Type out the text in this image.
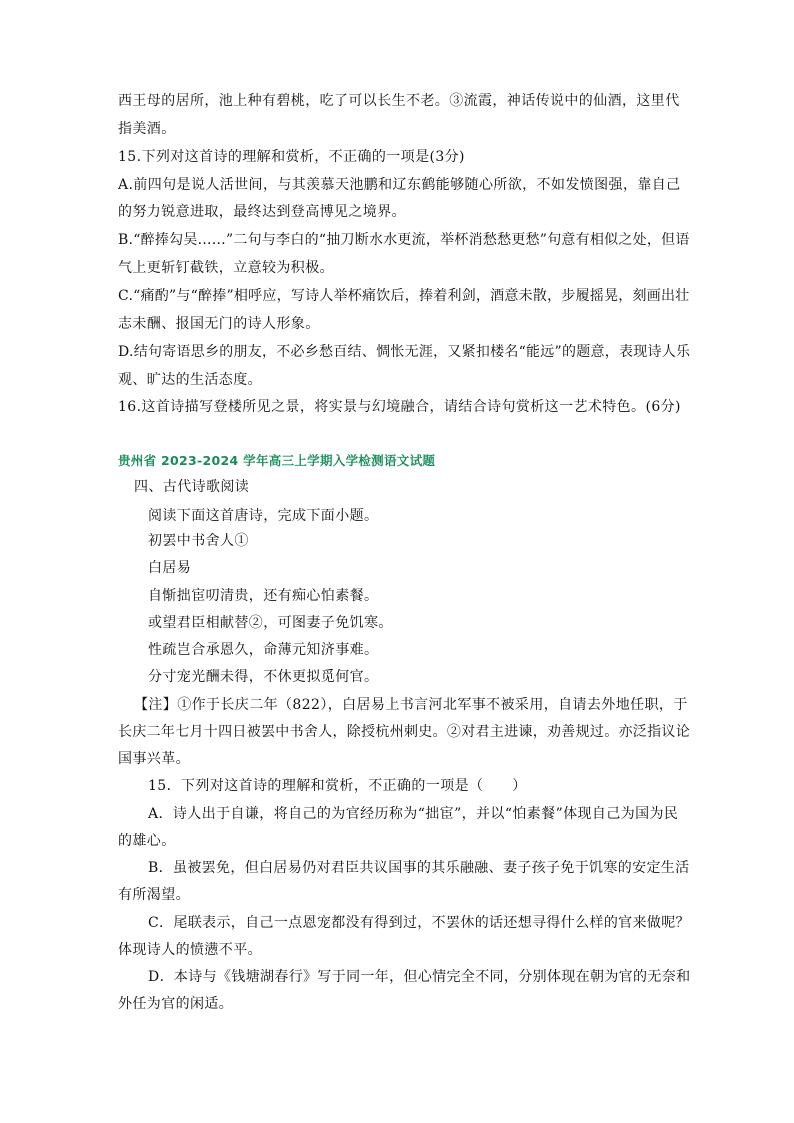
西王母的居所，池上种有碧桃，吃了可以长生不老。③流霞，神话传说中的仙酒，这里代
指美酒。
15.下列对这首诗的理解和赏析，不正确的一项是(3分)
A.前四句是说人活世间，与其羡慕天池鹏和辽东鹤能够随心所欲，不如发愤图强，靠自己
的努力锐意进取，最终达到登高博见之境界。
B.“醉捧勾吴……”二句与李白的“抽刀断水水更流，举杯消愁愁更愁”句意有相似之处，但语
气上更斩钉截铁，立意较为积极。
C.“痛酌”与“醉捧”相呼应，写诗人举杯痛饮后，捧着利剑，酒意未散，步履摇晃，刻画出壮
志未酬、报国无门的诗人形象。
D.结句寄语思乡的朋友，不必乡愁百结、惆怅无涯，又紧扣楼名“能远”的题意，表现诗人乐
观、旷达的生活态度。
16.这首诗描写登楼所见之景，将实景与幻境融合，请结合诗句赏析这一艺术特色。(6分)
贵州省 2023-2024 学年高三上学期入学检测语文试题
四、古代诗歌阅读
阅读下面这首唐诗，完成下面小题。
初罢中书舍人①
白居易
自惭拙宦叨清贵，还有痴心怕素餐。
或望君臣相献替②，可图妻子免饥寒。
性疏岂合承恩久，命薄元知济事难。
分寸宠光酬未得，不休更拟觅何官。
【注】①作于长庆二年（822），白居易上书言河北军事不被采用，自请去外地任职，于
长庆二年七月十四日被罢中书舍人，除授杭州刺史。②对君主进谏，劝善规过。亦泛指议论
国事兴革。
15．下列对这首诗的理解和赏析，不正确的一项是（　　）
A．诗人出于自谦，将自己的为官经历称为“拙宦”，并以“怕素餐”体现自己为国为民
的雄心。
B．虽被罢免，但白居易仍对君臣共议国事的其乐融融、妻子孩子免于饥寒的安定生活
有所渴望。
C．尾联表示，自己一点恩宠都没有得到过，不罢休的话还想寻得什么样的官来做呢？
体现诗人的愤懑不平。
D．本诗与《钱塘湖春行》写于同一年，但心情完全不同，分别体现在朝为官的无奈和
外任为官的闲适。
